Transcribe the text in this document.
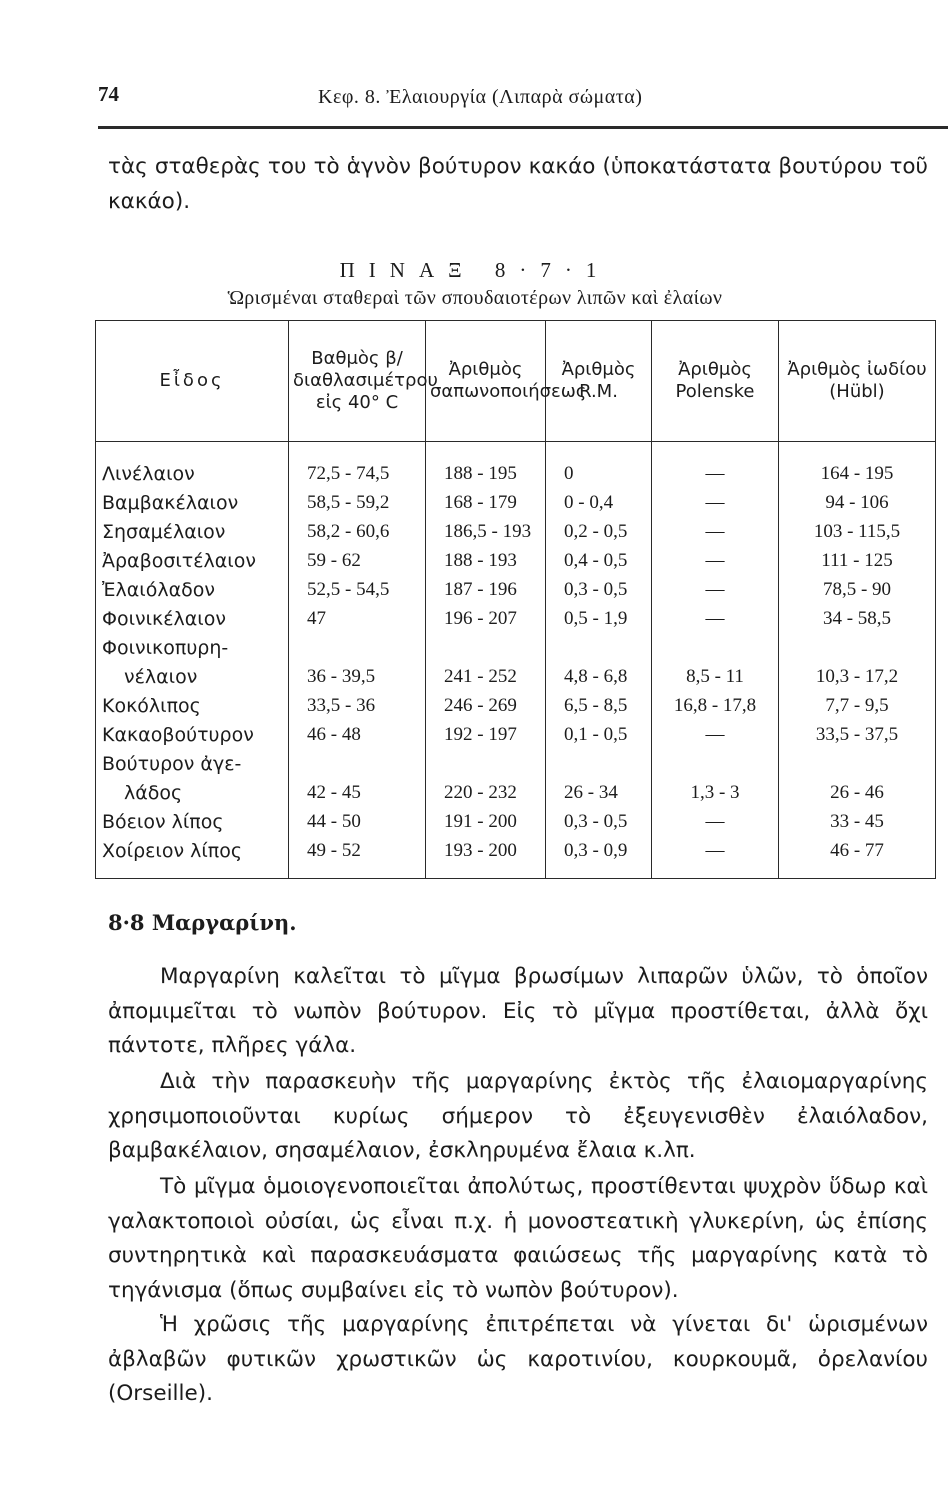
74	Κεφ. 8. Ἐλαιουργία (Λιπαρὰ σώματα)

τὰς σταθερὰς του τὸ ἁγνὸν βούτυρον κακάο (ὑποκατάστατα βουτύρου τοῦ κακάο).

ΠΙΝΑΞ 8·7·1
Ὡρισμέναι σταθεραὶ τῶν σπουδαιοτέρων λιπῶν καὶ ἐλαίων
Εἶδος	Βαθμὸς β/διαθλασιμέτρου εἰς 40° C	Ἀριθμὸς σαπωνοποιήσεως	Ἀριθμὸς R.M.	Ἀριθμὸς Polenske	Ἀριθμὸς ἰωδίου (Hübl)
Λινέλαιον	72,5 - 74,5	188 - 195	0	—	164 - 195
Βαμβακέλαιον	58,5 - 59,2	168 - 179	0 - 0,4	—	94 - 106
Σησαμέλαιον	58,2 - 60,6	186,5 - 193	0,2 - 0,5	—	103 - 115,5
Ἀραβοσιτέλαιον	59 - 62	188 - 193	0,4 - 0,5	—	111 - 125
Ἐλαιόλαδον	52,5 - 54,5	187 - 196	0,3 - 0,5	—	78,5 - 90
Φοινικέλαιον	47	196 - 207	0,5 - 1,9	—	34 - 58,5
Φοινικοπυρη-					
νέλαιον	36 - 39,5	241 - 252	4,8 - 6,8	8,5 - 11	10,3 - 17,2
Κοκόλιπος	33,5 - 36	246 - 269	6,5 - 8,5	16,8 - 17,8	7,7 - 9,5
Κακαοβούτυρον	46 - 48	192 - 197	0,1 - 0,5	—	33,5 - 37,5
Βούτυρον ἀγε-					
λάδος	42 - 45	220 - 232	26 - 34	1,3 - 3	26 - 46
Βόειον λίπος	44 - 50	191 - 200	0,3 - 0,5	—	33 - 45
Χοίρειον λίπος	49 - 52	193 - 200	0,3 - 0,9	—	46 - 77
8·8 Μαργαρίνη.

Μαργαρίνη καλεῖται τὸ μῖγμα βρωσίμων λιπαρῶν ὑλῶν, τὸ ὁποῖον ἀπομιμεῖται τὸ νωπὸν βούτυρον. Εἰς τὸ μῖγμα προστίθεται, ἀλλὰ ὄχι πάντοτε, πλῆρες γάλα.

Διὰ τὴν παρασκευὴν τῆς μαργαρίνης ἐκτὸς τῆς ἐλαιομαργαρίνης χρησιμοποιοῦνται κυρίως σήμερον τὸ ἐξευγενισθὲν ἐλαιόλαδον, βαμβακέλαιον, σησαμέλαιον, ἐσκληρυμένα ἔλαια κ.λπ.

Τὸ μῖγμα ὁμοιογενοποιεῖται ἀπολύτως, προστίθενται ψυχρὸν ὕδωρ καὶ γαλακτοποιοὶ οὐσίαι, ὡς εἶναι π.χ. ἡ μονοστεατικὴ γλυκερίνη, ὡς ἐπίσης συντηρητικὰ καὶ παρασκευάσματα φαιώσεως τῆς μαργαρίνης κατὰ τὸ τηγάνισμα (ὅπως συμβαίνει εἰς τὸ νωπὸν βούτυρον).

Ἡ χρῶσις τῆς μαργαρίνης ἐπιτρέπεται νὰ γίνεται δι' ὡρισμένων ἀβλαβῶν φυτικῶν χρωστικῶν ὡς καροτινίου, κουρκουμᾶ, ὀρελανίου (Orseille).
